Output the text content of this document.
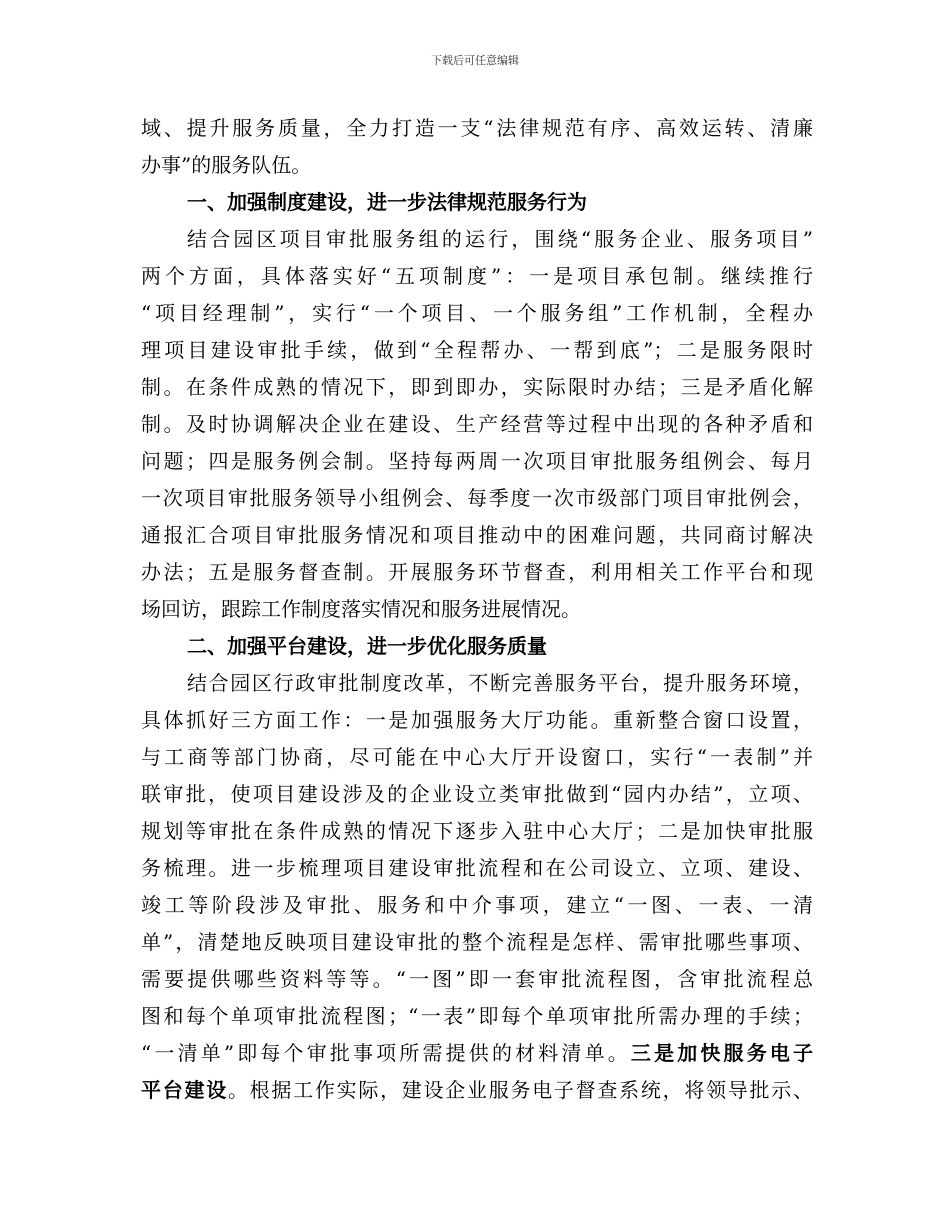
下载后可任意编辑
域、提升服务质量，全力打造一支“法律规范有序、高效运转、清廉
办事”的服务队伍。
一、加强制度建设，进一步法律规范服务行为
结合园区项目审批服务组的运行，围绕“服务企业、服务项目”
两个方面，具体落实好“五项制度”：一是项目承包制。继续推行
“项目经理制”，实行“一个项目、一个服务组”工作机制，全程办
理项目建设审批手续，做到“全程帮办、一帮到底”；二是服务限时
制。在条件成熟的情况下，即到即办，实际限时办结；三是矛盾化解
制。及时协调解决企业在建设、生产经营等过程中出现的各种矛盾和
问题；四是服务例会制。坚持每两周一次项目审批服务组例会、每月
一次项目审批服务领导小组例会、每季度一次市级部门项目审批例会，
通报汇合项目审批服务情况和项目推动中的困难问题，共同商讨解决
办法；五是服务督查制。开展服务环节督查，利用相关工作平台和现
场回访，跟踪工作制度落实情况和服务进展情况。
二、加强平台建设，进一步优化服务质量
结合园区行政审批制度改革，不断完善服务平台，提升服务环境，
具体抓好三方面工作：一是加强服务大厅功能。重新整合窗口设置，
与工商等部门协商，尽可能在中心大厅开设窗口，实行“一表制”并
联审批，使项目建设涉及的企业设立类审批做到“园内办结”，立项、
规划等审批在条件成熟的情况下逐步入驻中心大厅；二是加快审批服
务梳理。进一步梳理项目建设审批流程和在公司设立、立项、建设、
竣工等阶段涉及审批、服务和中介事项，建立“一图、一表、一清
单”，清楚地反映项目建设审批的整个流程是怎样、需审批哪些事项、
需要提供哪些资料等等。“一图”即一套审批流程图，含审批流程总
图和每个单项审批流程图；“一表”即每个单项审批所需办理的手续；
“一清单”即每个审批事项所需提供的材料清单。三是加快服务电子
平台建设。根据工作实际，建设企业服务电子督查系统，将领导批示、
